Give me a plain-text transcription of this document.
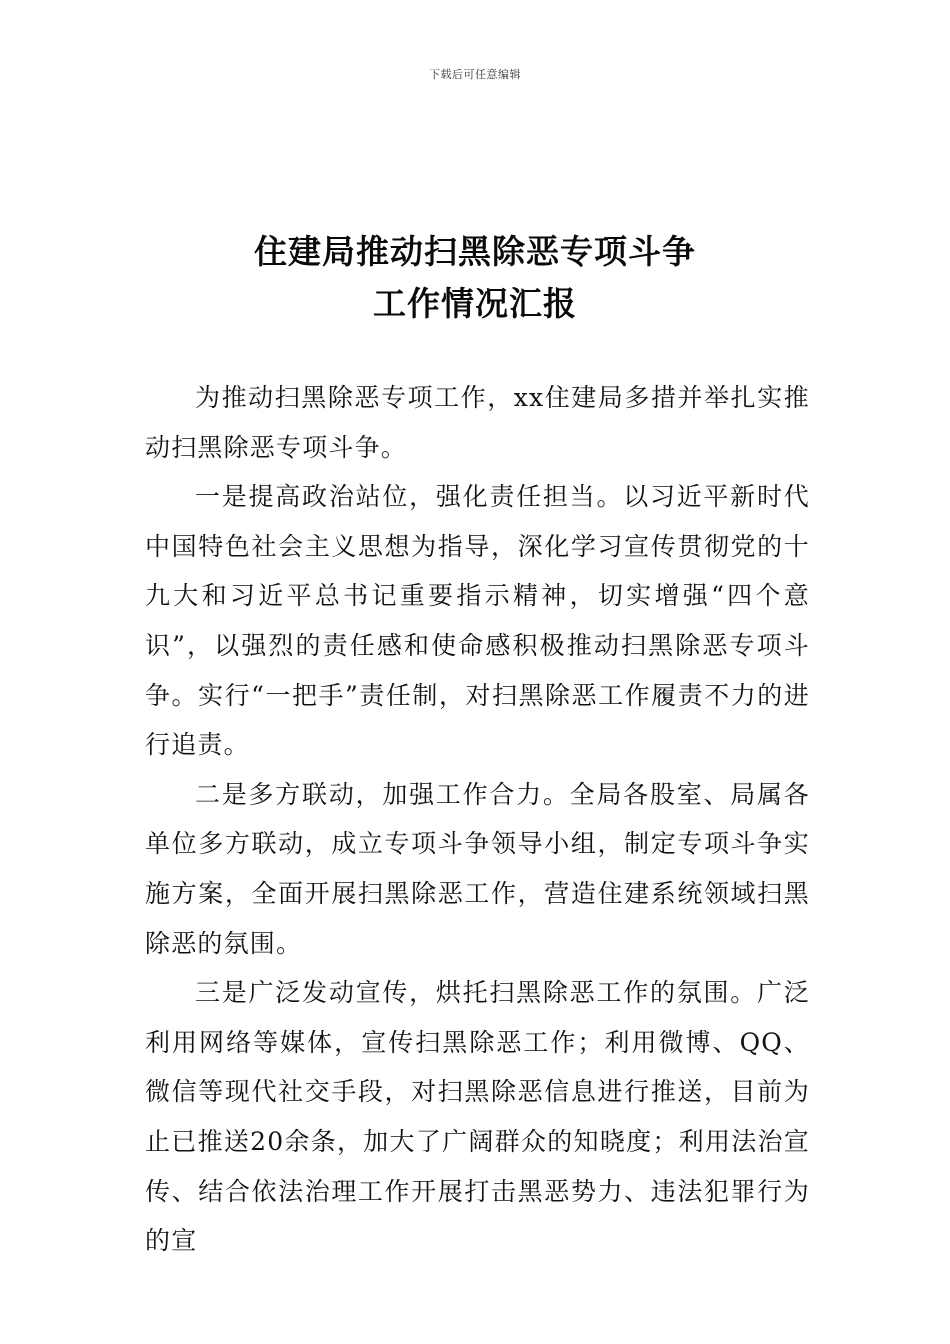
下载后可任意编辑
住建局推动扫黑除恶专项斗争
工作情况汇报

为推动扫黑除恶专项工作，xx住建局多措并举扎实推动扫黑除恶专项斗争。

一是提高政治站位，强化责任担当。以习近平新时代中国特色社会主义思想为指导，深化学习宣传贯彻党的十九大和习近平总书记重要指示精神，切实增强“四个意识”，以强烈的责任感和使命感积极推动扫黑除恶专项斗争。实行“一把手”责任制，对扫黑除恶工作履责不力的进行追责。

二是多方联动，加强工作合力。全局各股室、局属各单位多方联动，成立专项斗争领导小组，制定专项斗争实施方案，全面开展扫黑除恶工作，营造住建系统领域扫黑除恶的氛围。

三是广泛发动宣传，烘托扫黑除恶工作的氛围。广泛利用网络等媒体，宣传扫黑除恶工作；利用微博、QQ、微信等现代社交手段，对扫黑除恶信息进行推送，目前为止已推送20余条，加大了广阔群众的知晓度；利用法治宣传、结合依法治理工作开展打击黑恶势力、违法犯罪行为的宣
